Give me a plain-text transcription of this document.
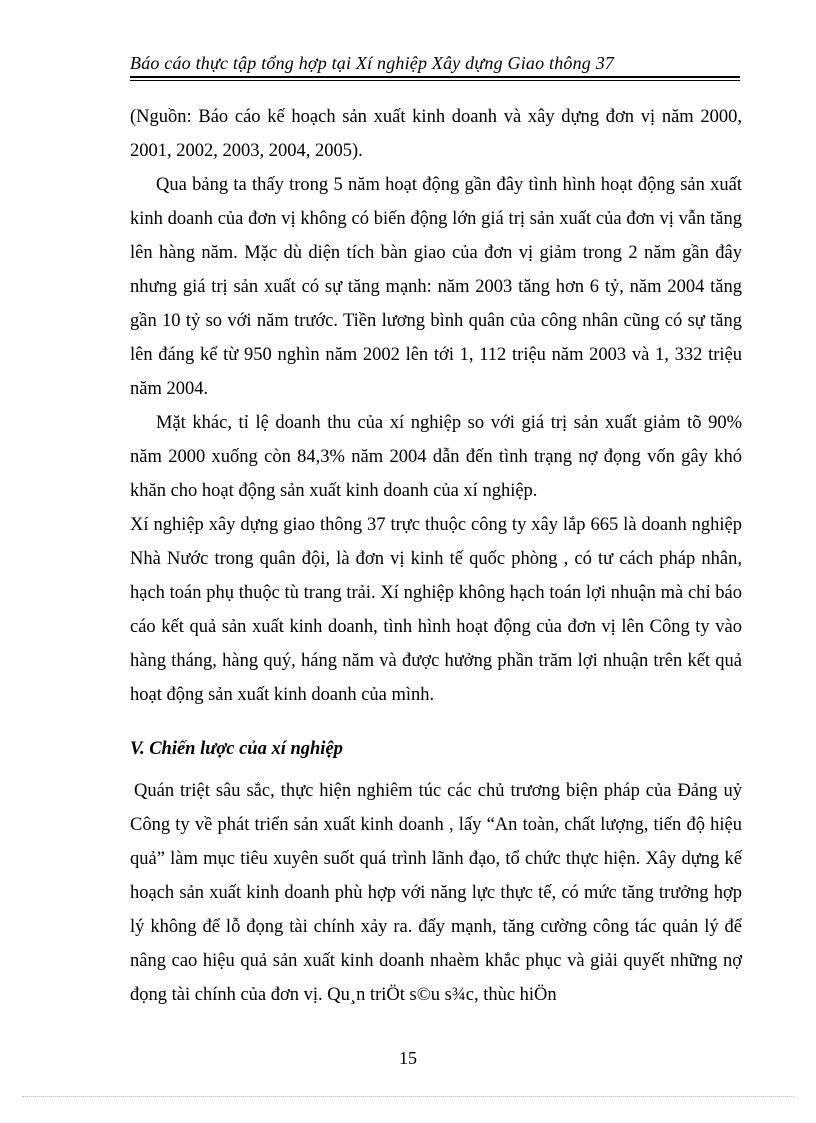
Báo cáo thực tập tổng hợp tại Xí nghiệp Xây dựng Giao thông 37

(Nguồn: Báo cáo kế hoạch sản xuất kinh doanh và xây dựng đơn vị năm 2000, 2001, 2002, 2003, 2004, 2005).

Qua bảng ta thấy trong 5 năm hoạt động gần đây tình hình hoạt động sản xuất kinh doanh của đơn vị không có biến động lớn giá trị sản xuất của đơn vị vẫn tăng lên hàng năm. Mặc dù diện tích bàn giao của đơn vị giảm trong 2 năm gần đây nhưng giá trị sản xuất có sự tăng mạnh: năm 2003 tăng hơn 6 tỷ, năm 2004 tăng gần 10 tỷ so với năm trước. Tiền lương bình quân của công nhân cũng có sự tăng lên đáng kể từ 950 nghìn năm 2002 lên tới 1, 112 triệu năm 2003 và 1, 332 triệu năm 2004.

Mặt khác, tỉ lệ doanh thu của xí nghiệp so với giá trị sản xuất giảm tõ 90% năm 2000 xuống còn 84,3% năm 2004 dẫn đến tình trạng nợ đọng vốn gây khó khăn cho hoạt động sản xuất kinh doanh của xí nghiệp.

Xí nghiệp xây dựng giao thông 37 trực thuộc công ty xây lắp 665 là doanh nghiệp Nhà Nước trong quân đội, là đơn vị kinh tế quốc phòng , có tư cách pháp nhân, hạch toán phụ thuộc tù trang trải. Xí nghiệp không hạch toán lợi nhuận mà chỉ báo cáo kết quả sản xuất kinh doanh, tình hình hoạt động của đơn vị lên Công ty vào hàng tháng, hàng quý, háng năm và được hưởng phần trăm lợi nhuận trên kết quả hoạt động sản xuất kinh doanh của mình.

V. Chiến lược của xí nghiệp

Quán triệt sâu sắc, thực hiện nghiêm túc các chủ trương biện pháp của Đảng uỷ Công ty về phát triển sản xuất kinh doanh , lấy “An toàn, chất lượng, tiến độ hiệu quả” làm mục tiêu xuyên suốt quá trình lãnh đạo, tổ chức thực hiện. Xây dựng kế hoạch sản xuất kinh doanh phù hợp với năng lực thực tế, có mức tăng trưởng hợp lý không để lỗ đọng tài chính xảy ra. đẩy mạnh, tăng cường công tác quản lý để nâng cao hiệu quả sản xuất kinh doanh nhaèm khắc phục và giải quyết những nợ đọng tài chính của đơn vị. Qu¸n triÖt s©u s¾c, thùc hiÖn

15
